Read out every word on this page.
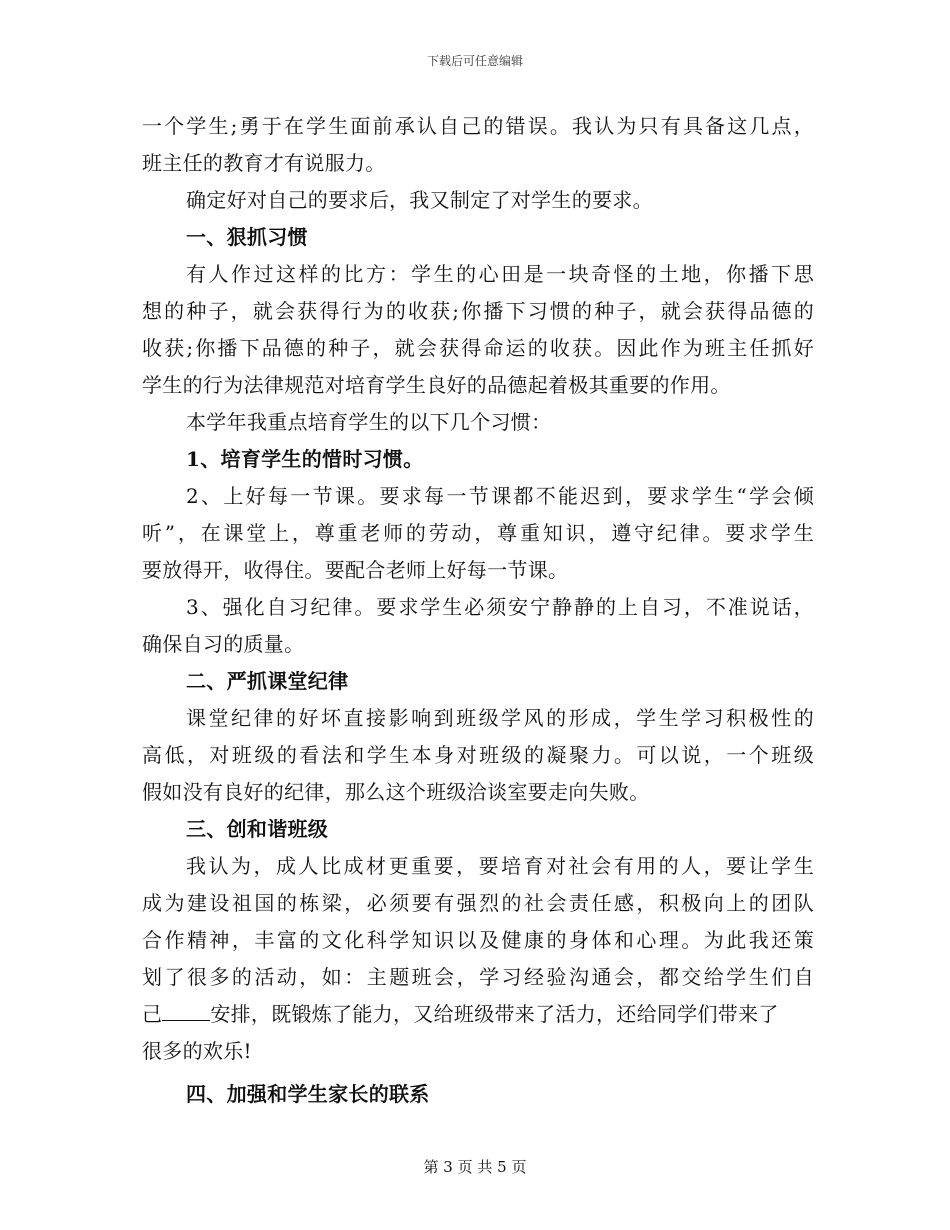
下载后可任意编辑
一个学生;勇于在学生面前承认自己的错误。我认为只有具备这几点，
班主任的教育才有说服力。
确定好对自己的要求后，我又制定了对学生的要求。
一、狠抓习惯
有人作过这样的比方：学生的心田是一块奇怪的土地，你播下思
想的种子，就会获得行为的收获;你播下习惯的种子，就会获得品德的
收获;你播下品德的种子，就会获得命运的收获。因此作为班主任抓好
学生的行为法律规范对培育学生良好的品德起着极其重要的作用。
本学年我重点培育学生的以下几个习惯：
1、培育学生的惜时习惯。
2、上好每一节课。要求每一节课都不能迟到，要求学生“学会倾
听”，在课堂上，尊重老师的劳动，尊重知识，遵守纪律。要求学生
要放得开，收得住。要配合老师上好每一节课。
3、强化自习纪律。要求学生必须安宁静静的上自习，不准说话，
确保自习的质量。
二、严抓课堂纪律
课堂纪律的好坏直接影响到班级学风的形成，学生学习积极性的
高低，对班级的看法和学生本身对班级的凝聚力。可以说，一个班级
假如没有良好的纪律，那么这个班级洽谈室要走向失败。
三、创和谐班级
我认为，成人比成材更重要，要培育对社会有用的人，要让学生
成为建设祖国的栋梁，必须要有强烈的社会责任感，积极向上的团队
合作精神，丰富的文化科学知识以及健康的身体和心理。为此我还策
划了很多的活动，如：主题班会，学习经验沟通会，都交给学生们自
己 安排，既锻炼了能力，又给班级带来了活力，还给同学们带来了
很多的欢乐!
四、加强和学生家长的联系
第 3 页 共 5 页
